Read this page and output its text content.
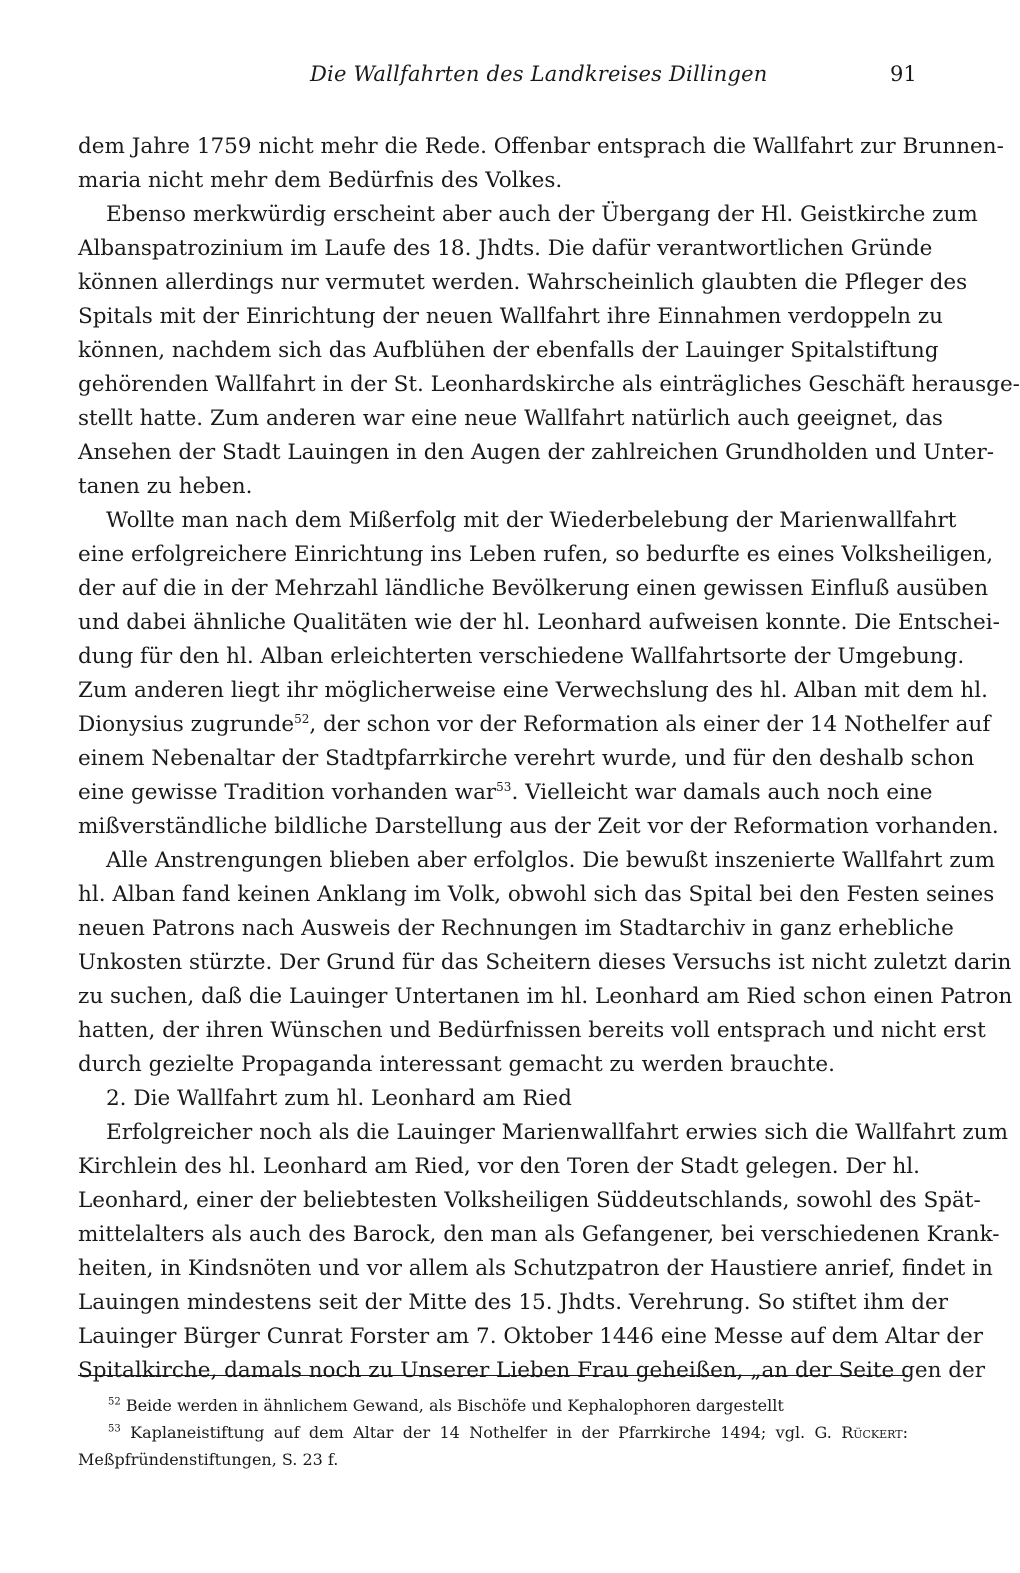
Die Wallfahrten des Landkreises Dillingen	91
dem Jahre 1759 nicht mehr die Rede. Offenbar entsprach die Wallfahrt zur Brunnen-
maria nicht mehr dem Bedürfnis des Volkes.
Ebenso merkwürdig erscheint aber auch der Übergang der Hl. Geistkirche zum
Albanspatrozinium im Laufe des 18. Jhdts. Die dafür verantwortlichen Gründe
können allerdings nur vermutet werden. Wahrscheinlich glaubten die Pfleger des
Spitals mit der Einrichtung der neuen Wallfahrt ihre Einnahmen verdoppeln zu
können, nachdem sich das Aufblühen der ebenfalls der Lauinger Spitalstiftung
gehörenden Wallfahrt in der St. Leonhardskirche als einträgliches Geschäft herausge-
stellt hatte. Zum anderen war eine neue Wallfahrt natürlich auch geeignet, das
Ansehen der Stadt Lauingen in den Augen der zahlreichen Grundholden und Unter-
tanen zu heben.
Wollte man nach dem Mißerfolg mit der Wiederbelebung der Marienwallfahrt
eine erfolgreichere Einrichtung ins Leben rufen, so bedurfte es eines Volksheiligen,
der auf die in der Mehrzahl ländliche Bevölkerung einen gewissen Einfluß ausüben
und dabei ähnliche Qualitäten wie der hl. Leonhard aufweisen konnte. Die Entschei-
dung für den hl. Alban erleichterten verschiedene Wallfahrtsorte der Umgebung.
Zum anderen liegt ihr möglicherweise eine Verwechslung des hl. Alban mit dem hl.
Dionysius zugrunde$^{52}$, der schon vor der Reformation als einer der 14 Nothelfer auf
einem Nebenaltar der Stadtpfarrkirche verehrt wurde, und für den deshalb schon
eine gewisse Tradition vorhanden war$^{53}$. Vielleicht war damals auch noch eine
mißverständliche bildliche Darstellung aus der Zeit vor der Reformation vorhanden.
Alle Anstrengungen blieben aber erfolglos. Die bewußt inszenierte Wallfahrt zum
hl. Alban fand keinen Anklang im Volk, obwohl sich das Spital bei den Festen seines
neuen Patrons nach Ausweis der Rechnungen im Stadtarchiv in ganz erhebliche
Unkosten stürzte. Der Grund für das Scheitern dieses Versuchs ist nicht zuletzt darin
zu suchen, daß die Lauinger Untertanen im hl. Leonhard am Ried schon einen Patron
hatten, der ihren Wünschen und Bedürfnissen bereits voll entsprach und nicht erst
durch gezielte Propaganda interessant gemacht zu werden brauchte.
2. Die Wallfahrt zum hl. Leonhard am Ried
Erfolgreicher noch als die Lauinger Marienwallfahrt erwies sich die Wallfahrt zum
Kirchlein des hl. Leonhard am Ried, vor den Toren der Stadt gelegen. Der hl.
Leonhard, einer der beliebtesten Volksheiligen Süddeutschlands, sowohl des Spät-
mittelalters als auch des Barock, den man als Gefangener, bei verschiedenen Krank-
heiten, in Kindsnöten und vor allem als Schutzpatron der Haustiere anrief, findet in
Lauingen mindestens seit der Mitte des 15. Jhdts. Verehrung. So stiftet ihm der
Lauinger Bürger Cunrat Forster am 7. Oktober 1446 eine Messe auf dem Altar der
Spitalkirche, damals noch zu Unserer Lieben Frau geheißen, „an der Seite gen der
$^{52}$ Beide werden in ähnlichem Gewand, als Bischöfe und Kephalophoren dargestellt
$^{53}$ Kaplaneistiftung auf dem Altar der 14 Nothelfer in der Pfarrkirche 1494; vgl. G. Rückert:
Meßpfründenstiftungen, S. 23 f.
